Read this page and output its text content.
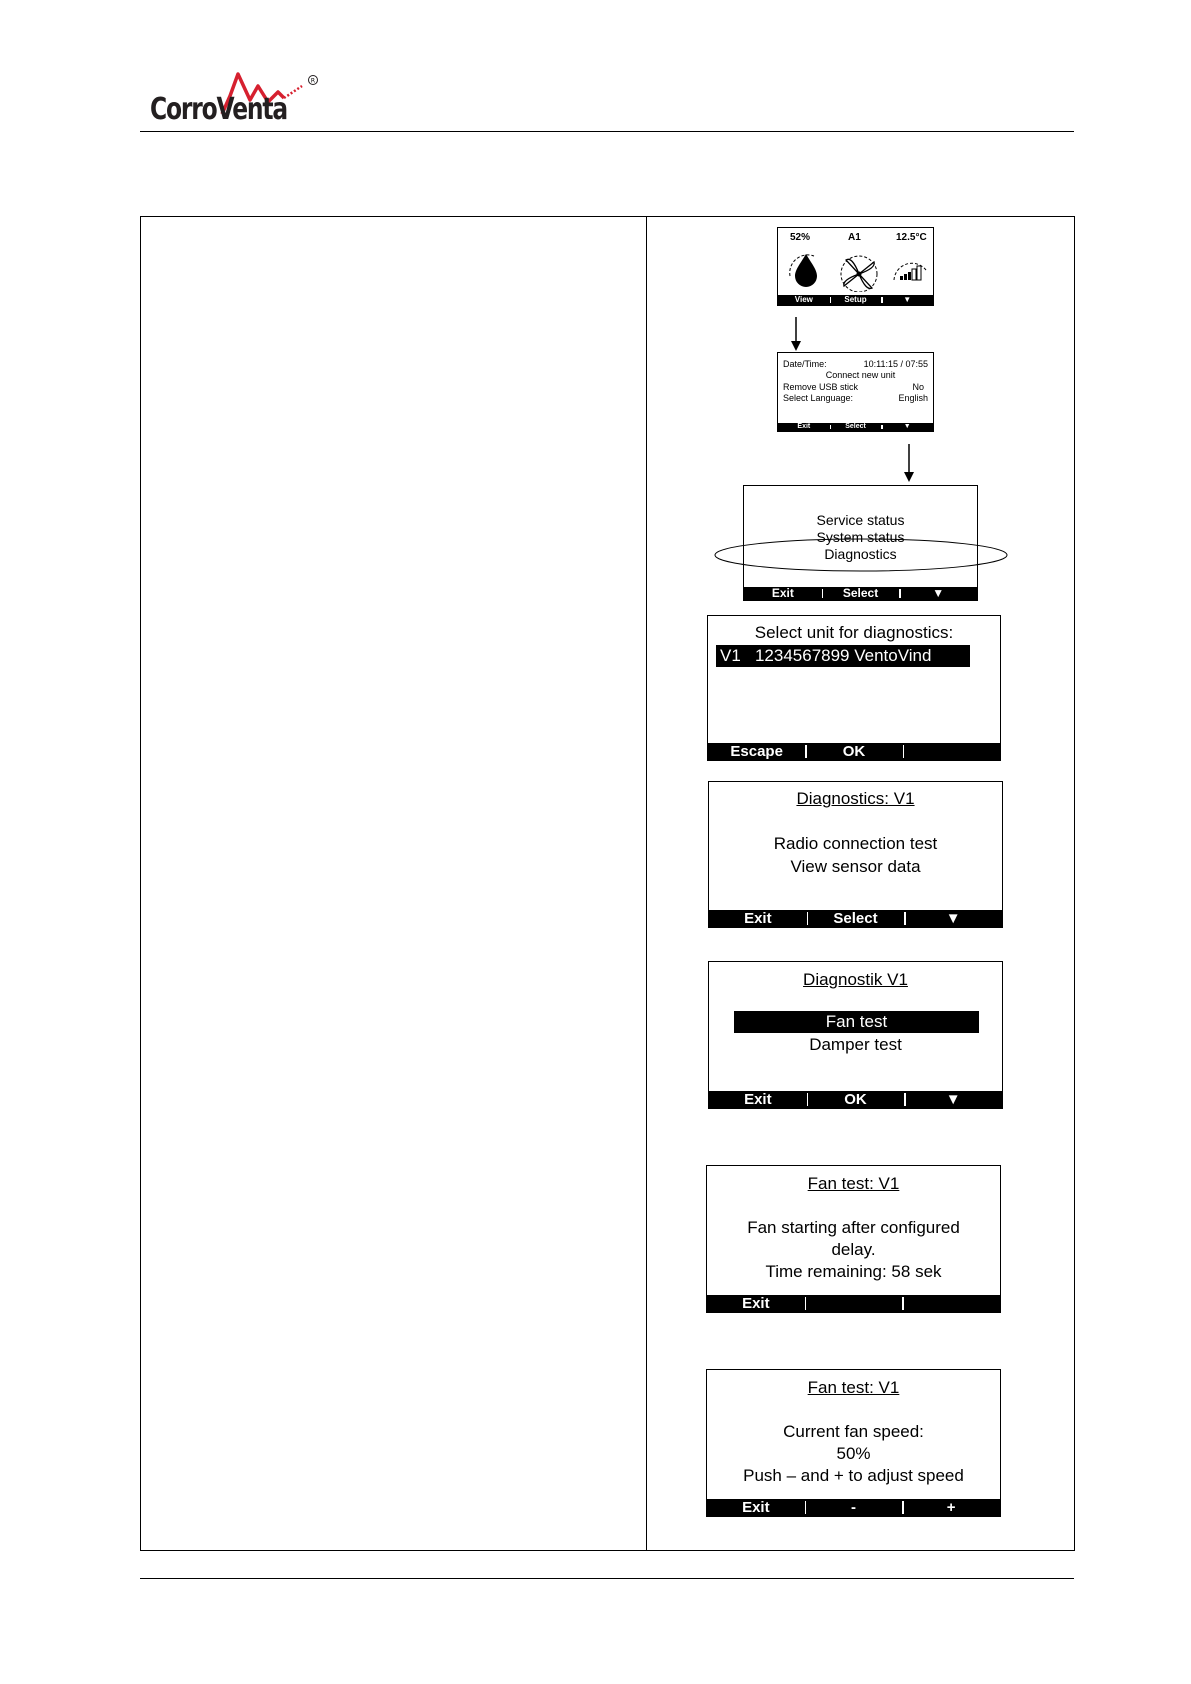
R
CorroVenta
52%	A1	12.5°C
View	Setup	▼
Date/Time:	10:11:15 / 07:55
Connect new unit
Remove USB stick	No
Select Language:	English
Exit	Select	▼
Service status
System status
Diagnostics
Exit	Select	▼
Select unit for diagnostics:
V1   1234567899 VentoVind
Escape	OK
Diagnostics: V1
Radio connection test
View sensor data
Exit	Select	▼
Diagnostik V1
Fan test
Damper test
Exit	OK	▼
Fan test: V1
Fan starting after configured
delay.
Time remaining: 58 sek
Exit
Fan test: V1
Current fan speed:
50%
Push – and + to adjust speed
Exit	-	+
